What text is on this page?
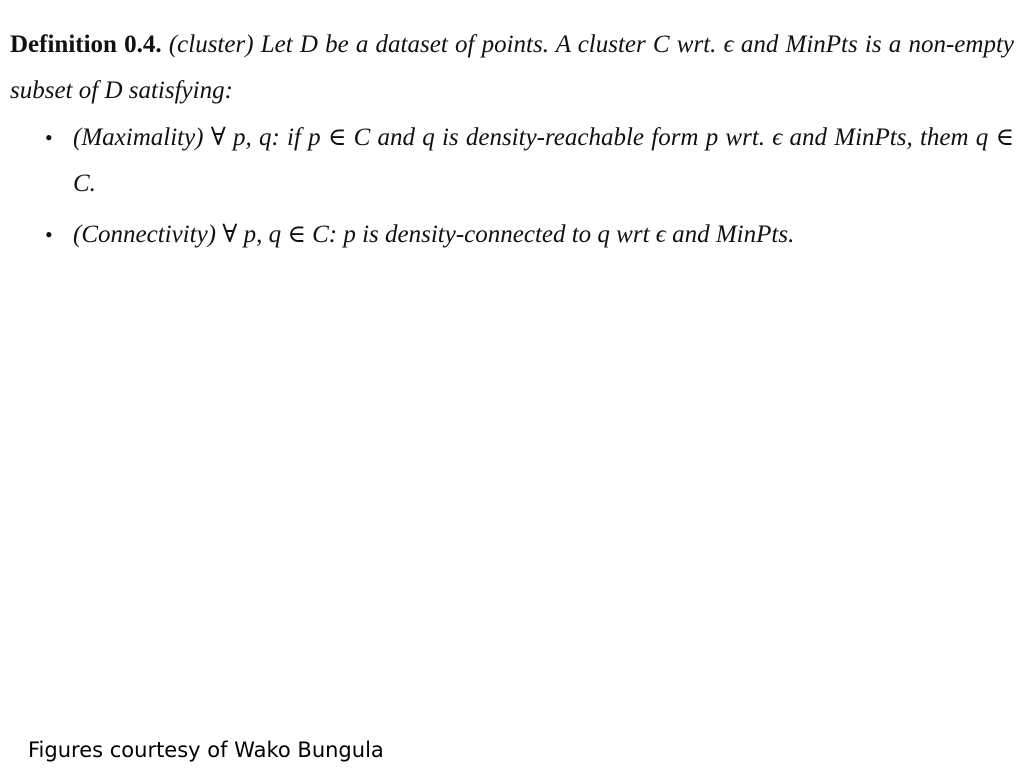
Definition 0.4. (cluster) Let D be a dataset of points. A cluster C wrt. ϵ and MinPts is a non-empty subset of D satisfying:

• (Maximality) ∀ p, q: if p ∈ C and q is density-reachable form p wrt. ϵ and MinPts, them q ∈ C.
• (Connectivity) ∀ p, q ∈ C: p is density-connected to q wrt ϵ and MinPts.
Figures courtesy of Wako Bungula
